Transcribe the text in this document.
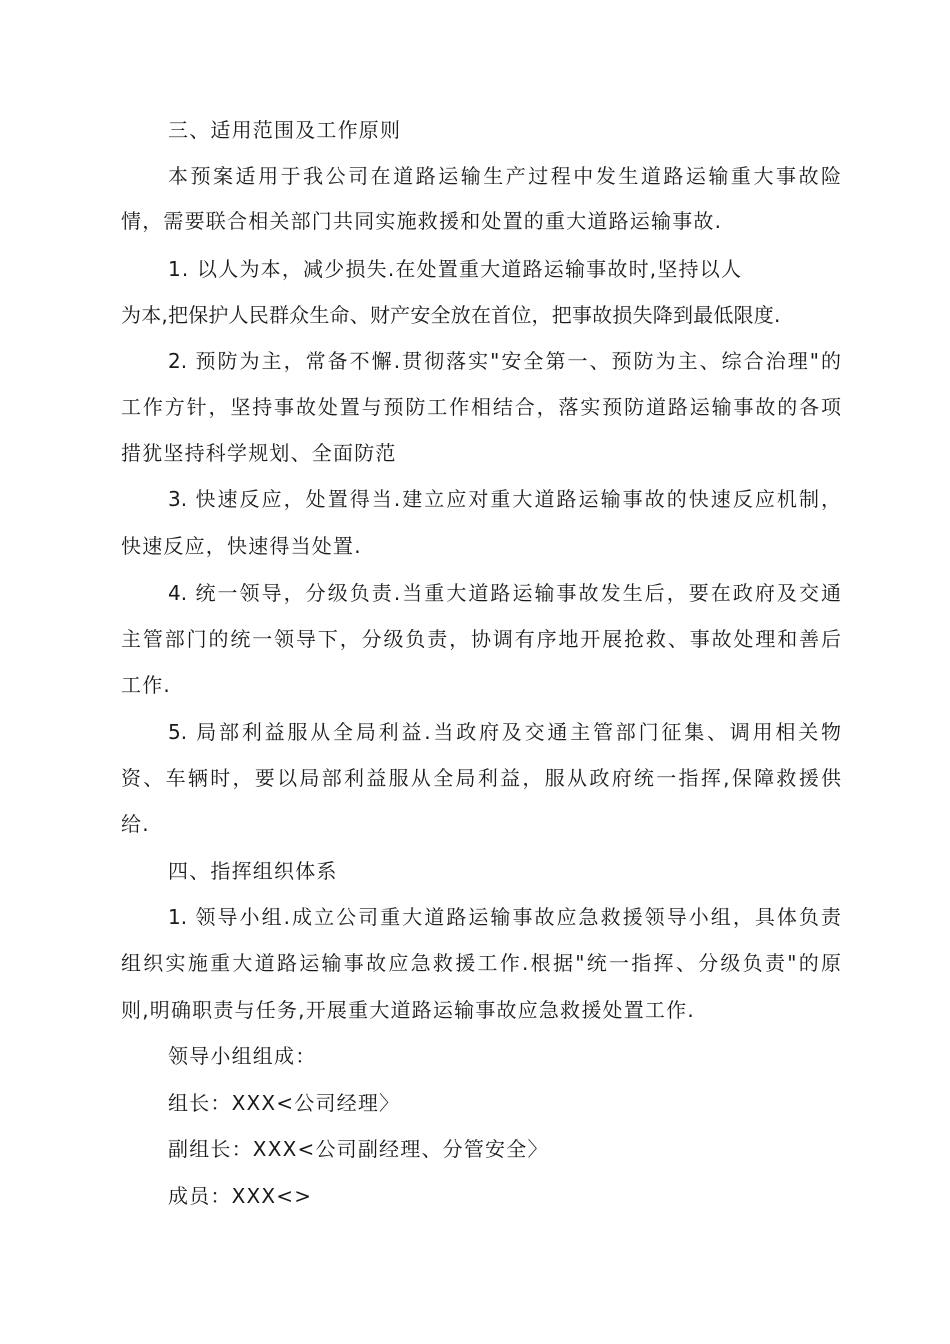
三、适用范围及工作原则
本预案适用于我公司在道路运输生产过程中发生道路运输重大事故险
情，需要联合相关部门共同实施救援和处置的重大道路运输事故.
1. 以人为本，减少损失.在处置重大道路运输事故时,坚持以人
为本,把保护人民群众生命、财产安全放在首位，把事故损失降到最低限度.
2. 预防为主，常备不懈.贯彻落实"安全第一、预防为主、综合治理"的
工作方针，坚持事故处置与预防工作相结合，落实预防道路运输事故的各项
措犹坚持科学规划、全面防范
3. 快速反应，处置得当.建立应对重大道路运输事故的快速反应机制，
快速反应，快速得当处置.
4. 统一领导，分级负责.当重大道路运输事故发生后，要在政府及交通
主管部门的统一领导下，分级负责，协调有序地开展抢救、事故处理和善后
工作.
5. 局部利益服从全局利益.当政府及交通主管部门征集、调用相关物
资、车辆时，要以局部利益服从全局利益，服从政府统一指挥,保障救援供
给.
四、指挥组织体系
1. 领导小组.成立公司重大道路运输事故应急救援领导小组，具体负责
组织实施重大道路运输事故应急救援工作.根据"统一指挥、分级负责"的原
则,明确职责与任务,开展重大道路运输事故应急救援处置工作.
领导小组组成：
组长：XXX<公司经理〉
副组长：XXX<公司副经理、分管安全〉
成员：XXX<>
